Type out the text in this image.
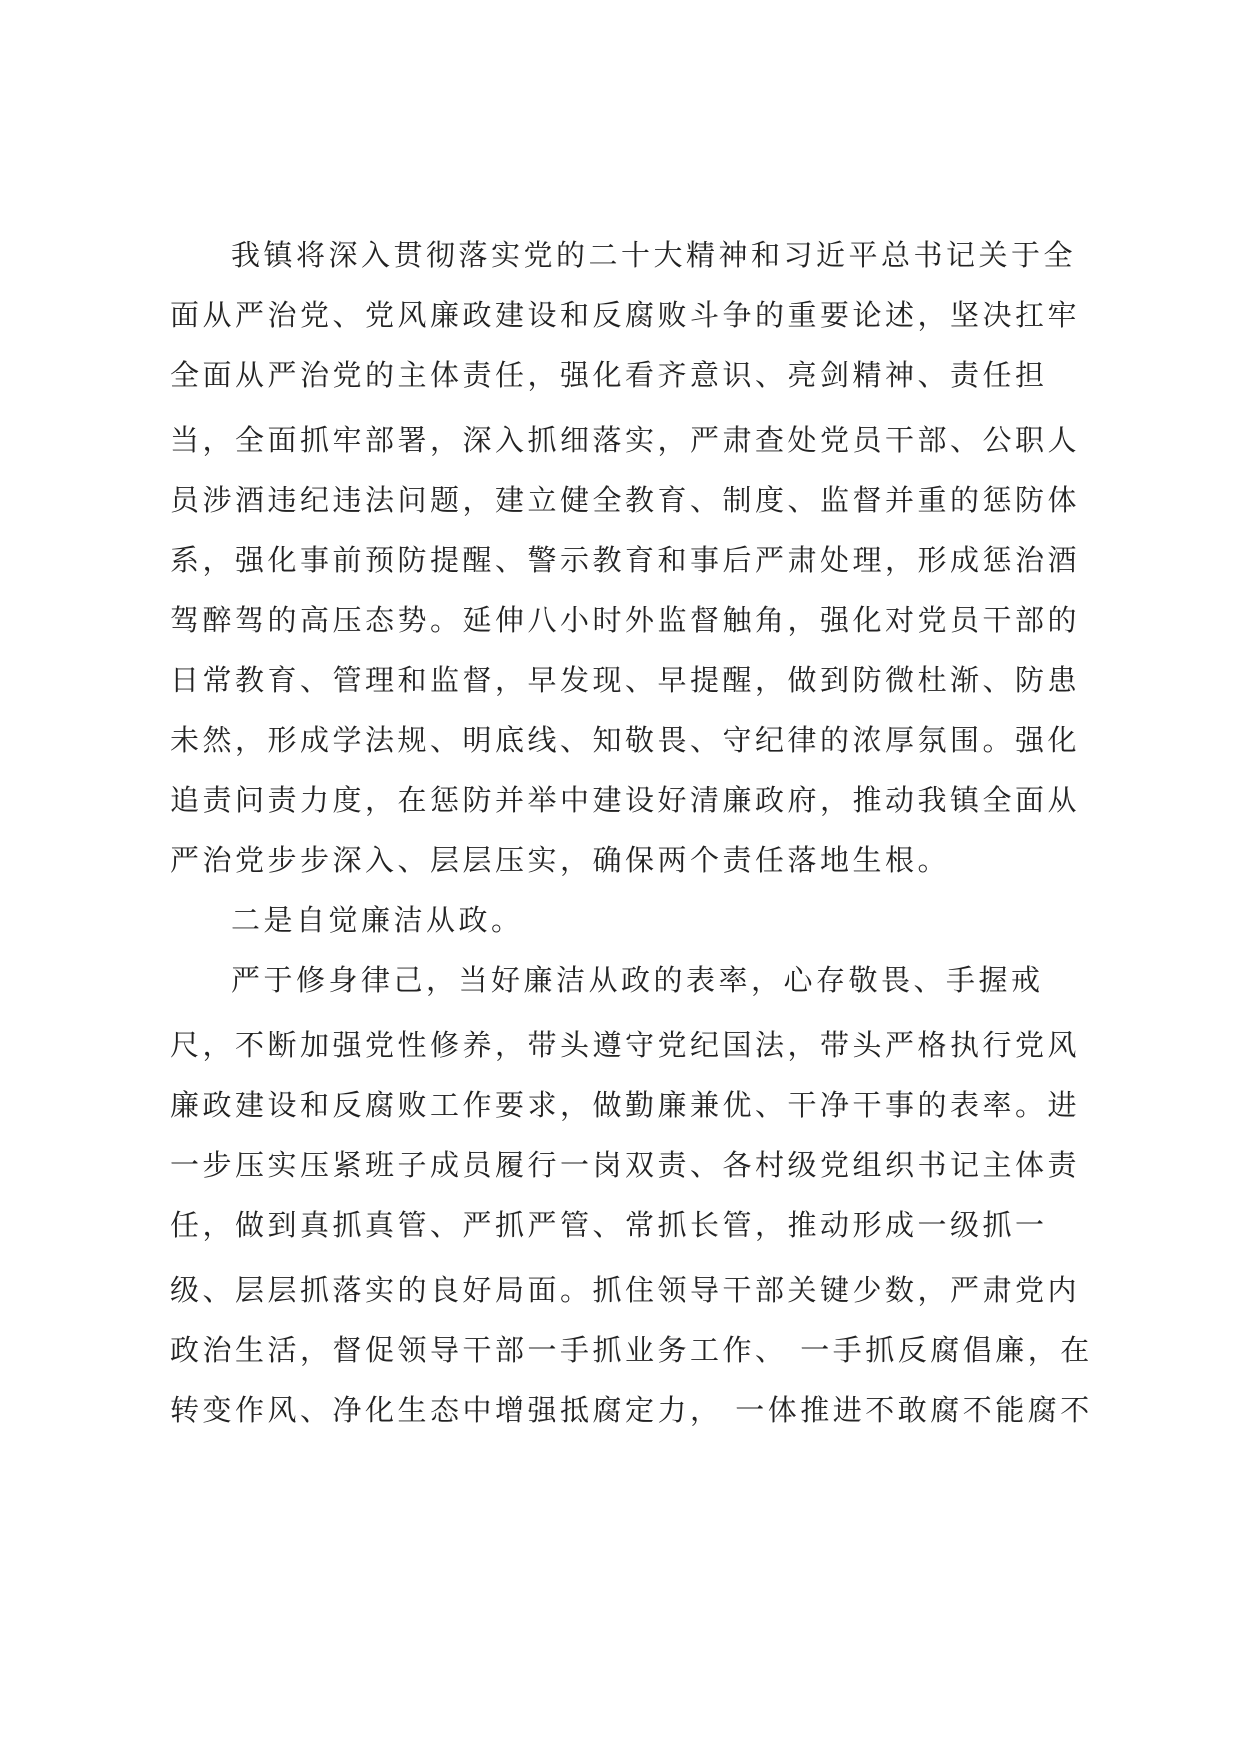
我镇将深入贯彻落实党的二十大精神和习近平总书记关于全
面从严治党、党风廉政建设和反腐败斗争的重要论述，坚决扛牢
全面从严治党的主体责任，强化看齐意识、亮剑精神、责任担
当，全面抓牢部署，深入抓细落实，严肃查处党员干部、公职人
员涉酒违纪违法问题，建立健全教育、制度、监督并重的惩防体
系，强化事前预防提醒、警示教育和事后严肃处理，形成惩治酒
驾醉驾的高压态势。延伸八小时外监督触角，强化对党员干部的
日常教育、管理和监督，早发现、早提醒，做到防微杜渐、防患
未然，形成学法规、明底线、知敬畏、守纪律的浓厚氛围。强化
追责问责力度，在惩防并举中建设好清廉政府，推动我镇全面从
严治党步步深入、层层压实，确保两个责任落地生根。
二是自觉廉洁从政。
严于修身律己，当好廉洁从政的表率，心存敬畏、手握戒
尺，不断加强党性修养，带头遵守党纪国法，带头严格执行党风
廉政建设和反腐败工作要求，做勤廉兼优、干净干事的表率。进
一步压实压紧班子成员履行一岗双责、各村级党组织书记主体责
任，做到真抓真管、严抓严管、常抓长管，推动形成一级抓一
级、层层抓落实的良好局面。抓住领导干部关键少数，严肃党内
政治生活，督促领导干部一手抓业务工作、 一手抓反腐倡廉，在
转变作风、净化生态中增强抵腐定力， 一体推进不敢腐不能腐不
